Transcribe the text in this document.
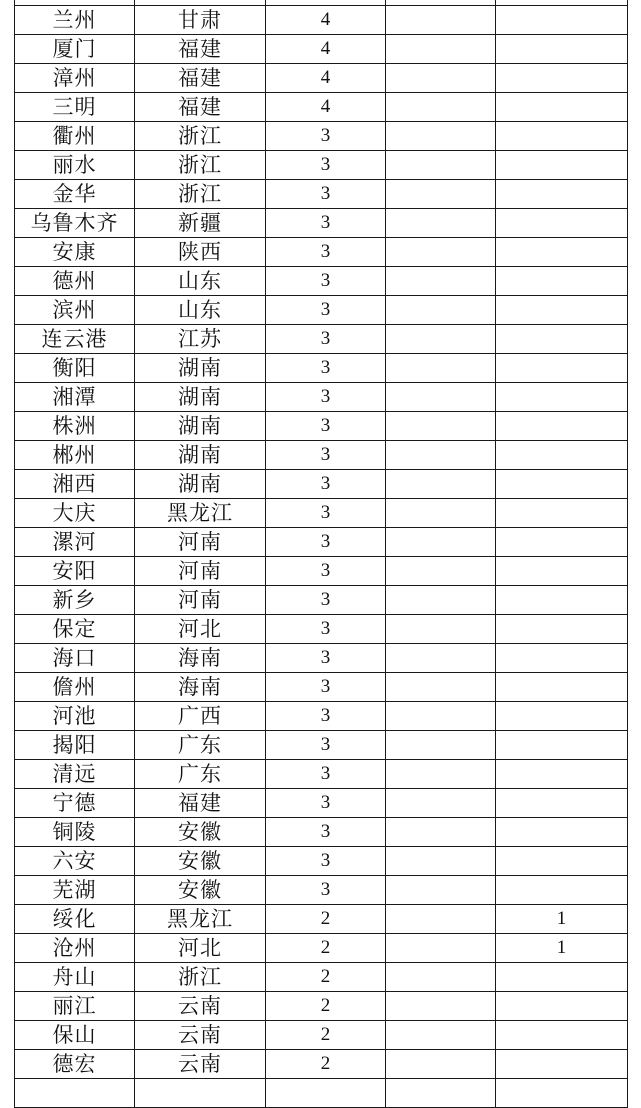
兰州	甘肃	4		
厦门	福建	4		
漳州	福建	4		
三明	福建	4		
衢州	浙江	3		
丽水	浙江	3		
金华	浙江	3		
乌鲁木齐	新疆	3		
安康	陕西	3		
德州	山东	3		
滨州	山东	3		
连云港	江苏	3		
衡阳	湖南	3		
湘潭	湖南	3		
株洲	湖南	3		
郴州	湖南	3		
湘西	湖南	3		
大庆	黑龙江	3		
漯河	河南	3		
安阳	河南	3		
新乡	河南	3		
保定	河北	3		
海口	海南	3		
儋州	海南	3		
河池	广西	3		
揭阳	广东	3		
清远	广东	3		
宁德	福建	3		
铜陵	安徽	3		
六安	安徽	3		
芜湖	安徽	3		
绥化	黑龙江	2		1
沧州	河北	2		1
舟山	浙江	2		
丽江	云南	2		
保山	云南	2		
德宏	云南	2		
